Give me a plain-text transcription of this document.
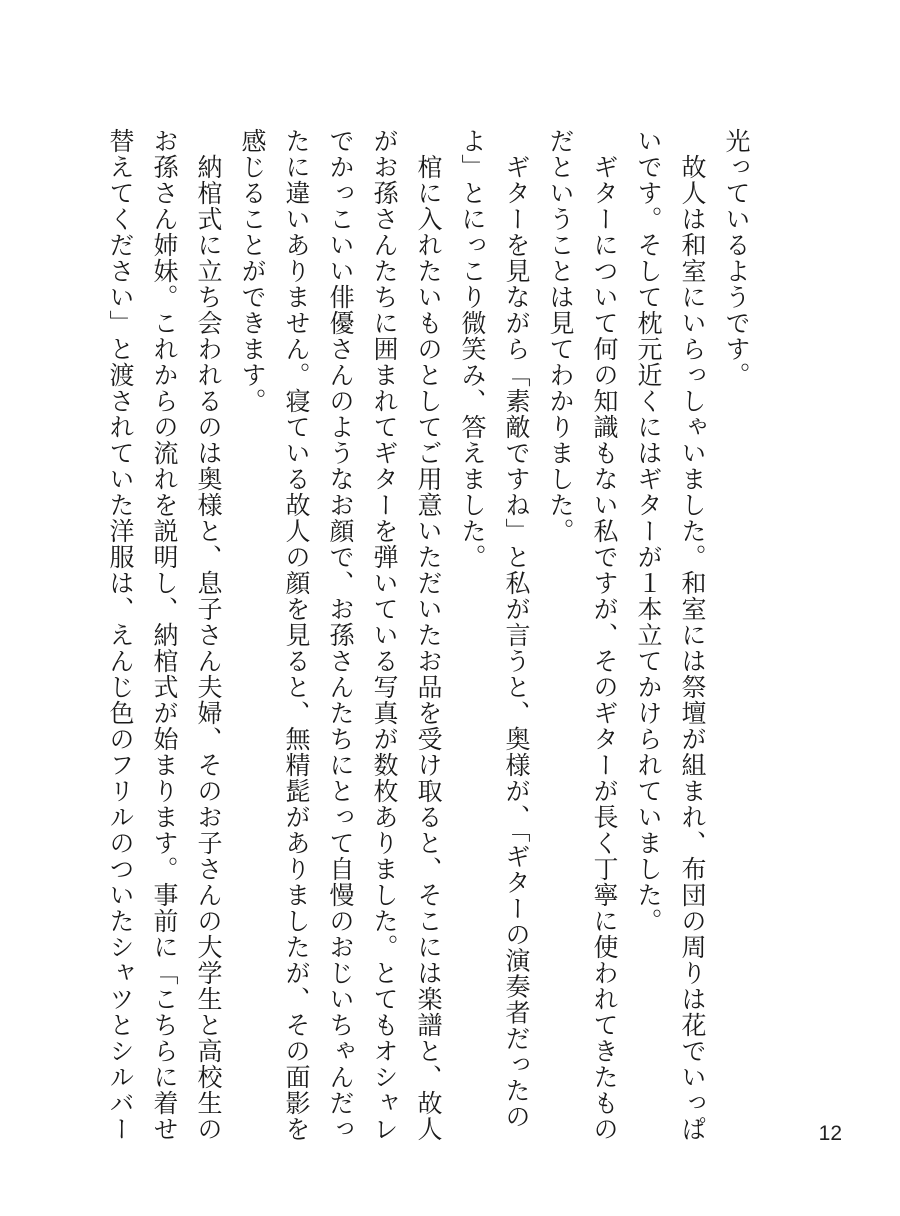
光っているようです。
　故人は和室にいらっしゃいました。和室には祭壇が組まれ、布団の周りは花でいっぱ
いです。そして枕元近くにはギターが１本立てかけられていました。
　ギターについて何の知識もない私ですが、そのギターが長く丁寧に使われてきたもの
だということは見てわかりました。
　ギターを見ながら「素敵ですね」と私が言うと、奥様が、「ギターの演奏者だったの
よ」とにっこり微笑み、答えました。
　棺に入れたいものとしてご用意いただいたお品を受け取ると、そこには楽譜と、故人
がお孫さんたちに囲まれてギターを弾いている写真が数枚ありました。とてもオシャレ
でかっこいい俳優さんのようなお顔で、お孫さんたちにとって自慢のおじいちゃんだっ
たに違いありません。寝ている故人の顔を見ると、無精髭がありましたが、その面影を
感じることができます。
　納棺式に立ち会われるのは奥様と、息子さん夫婦、そのお子さんの大学生と高校生の
お孫さん姉妹。これからの流れを説明し、納棺式が始まります。事前に「こちらに着せ
替えてください」と渡されていた洋服は、えんじ色のフリルのついたシャツとシルバー	12
